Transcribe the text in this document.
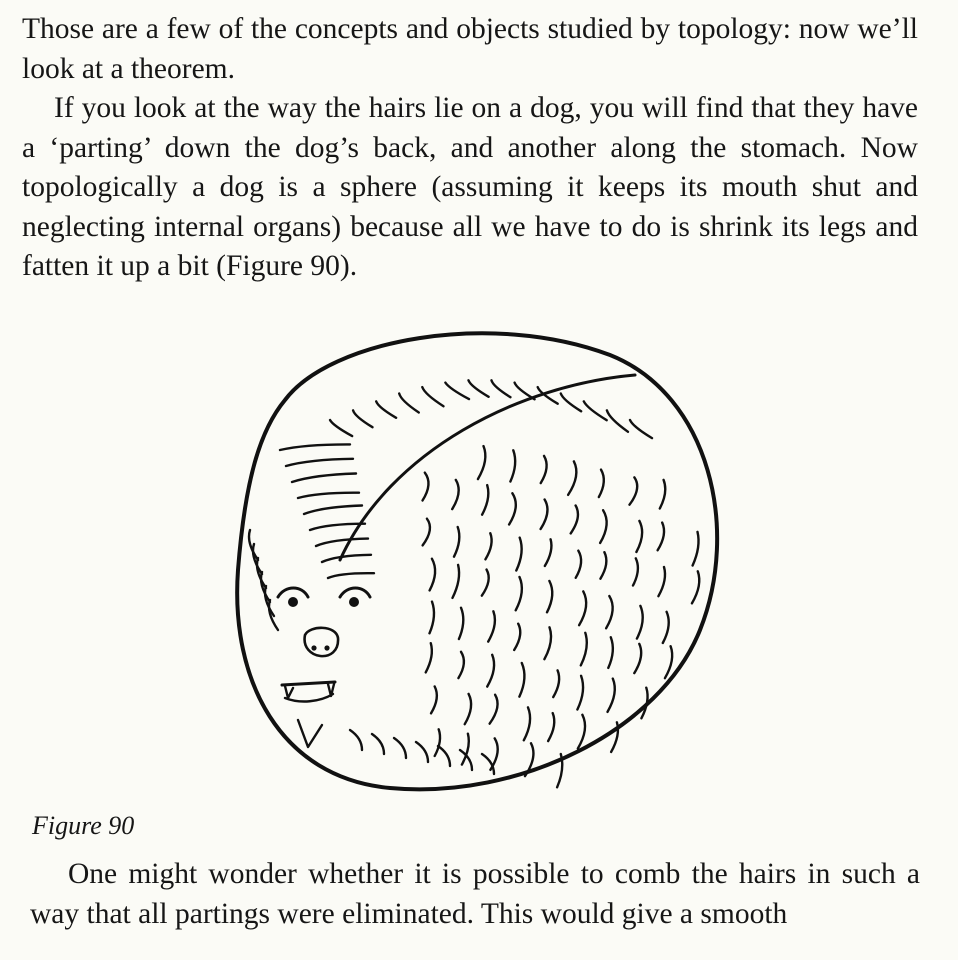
Those are a few of the concepts and objects studied by topology: now we’ll look at a theorem.

If you look at the way the hairs lie on a dog, you will find that they have a ‘parting’ down the dog’s back, and another along the stomach. Now topologically a dog is a sphere (assuming it keeps its mouth shut and neglecting internal organs) because all we have to do is shrink its legs and fatten it up a bit (Figure 90).

Figure 90

One might wonder whether it is possible to comb the hairs in such a way that all partings were eliminated. This would give a smooth
